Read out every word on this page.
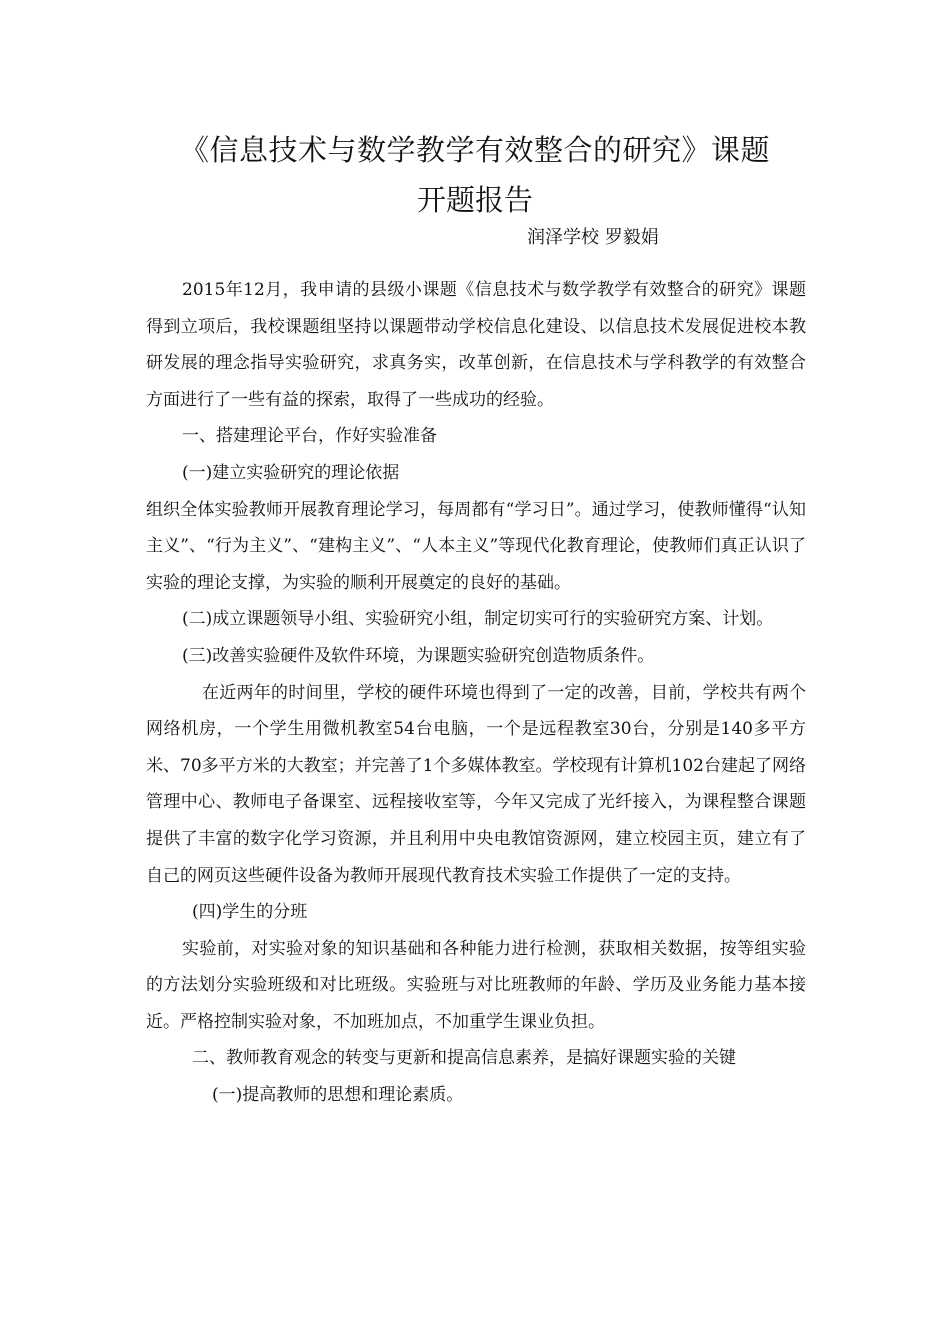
《信息技术与数学教学有效整合的研究》课题
开题报告
润泽学校 罗毅娟

2015年12月，我申请的县级小课题《信息技术与数学教学有效整合的研究》课题得到立项后，我校课题组坚持以课题带动学校信息化建设、以信息技术发展促进校本教研发展的理念指导实验研究，求真务实，改革创新，在信息技术与学科教学的有效整合方面进行了一些有益的探索，取得了一些成功的经验。

一、搭建理论平台，作好实验准备

(一)建立实验研究的理论依据

组织全体实验教师开展教育理论学习，每周都有“学习日”。通过学习，使教师懂得“认知主义”、“行为主义”、“建构主义”、“人本主义”等现代化教育理论，使教师们真正认识了实验的理论支撑，为实验的顺利开展奠定的良好的基础。

(二)成立课题领导小组、实验研究小组，制定切实可行的实验研究方案、计划。

(三)改善实验硬件及软件环境，为课题实验研究创造物质条件。

在近两年的时间里，学校的硬件环境也得到了一定的改善，目前，学校共有两个网络机房，一个学生用微机教室54台电脑，一个是远程教室30台，分别是140多平方米、70多平方米的大教室；并完善了1个多媒体教室。学校现有计算机102台建起了网络管理中心、教师电子备课室、远程接收室等，今年又完成了光纤接入，为课程整合课题提供了丰富的数字化学习资源，并且利用中央电教馆资源网，建立校园主页，建立有了自己的网页这些硬件设备为教师开展现代教育技术实验工作提供了一定的支持。

(四)学生的分班

实验前，对实验对象的知识基础和各种能力进行检测，获取相关数据，按等组实验的方法划分实验班级和对比班级。实验班与对比班教师的年龄、学历及业务能力基本接近。严格控制实验对象，不加班加点，不加重学生课业负担。

二、教师教育观念的转变与更新和提高信息素养，是搞好课题实验的关键

(一)提高教师的思想和理论素质。
